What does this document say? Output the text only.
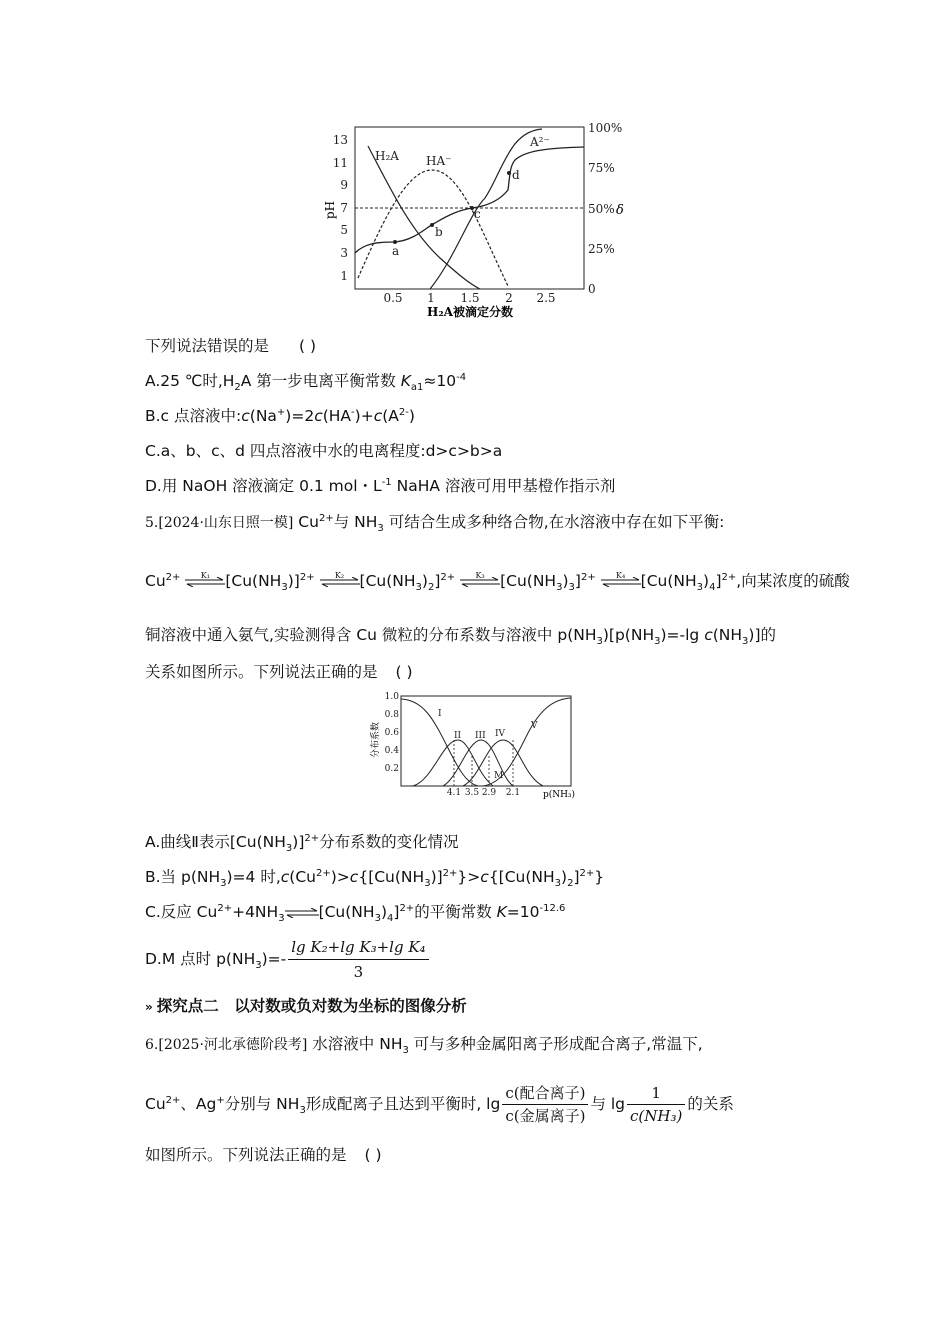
13
11
9
7
5
3
1
pH
100%
75%
50%
25%
0
δ
0.5 1 1.5 2 2.5
H₂A被滴定分数
a
b
c
d
H₂A HA⁻
A²⁻
下列说法错误的是 ( )
A.25 ℃时$,H_2A$ 第一步电离平衡常数 $K_{a1}\approx 10^{-4}$
B.c 点溶液中$:c(Na^+)=2c(HA^-)+c(A^{2-})$
C.a、b、c、d 四点溶液中水的电离程度:d>c>b>a
D.用 NaOH 溶液滴定 0.1 mol・$L^{-1}$ NaHA 溶液可用甲基橙作指示剂
5.[2024·山东日照一模] $Cu^{2+}$与 $NH_3$ 可结合生成多种络合物,在水溶液中存在如下平衡:
$Cu^{2+}$	K₁ $[Cu(NH_3)]^{2+}$	K₂ $[Cu(NH_3)_2]^{2+}$	K₃ $[Cu(NH_3)_3]^{2+}$	K₄ $[Cu(NH_3)_4]^{2+}$,向某浓度的硫酸
铜溶液中通入氨气,实验测得含 Cu 微粒的分布系数与溶液中 $p(NH_3)[p(NH_3)=-\lg$ $c(NH_3)$]的
关系如图所示。下列说法正确的是 ( )
1.0
0.8
0.6
0.4
0.2
分布系数
4.1 3.5 2.9 2.1	p(NH₃)
I
II III IV
V
M
A.曲线Ⅱ表示$[Cu(NH_3)]^{2+}$分布系数的变化情况
B.当 $p(NH_3)=4$ 时$,c(Cu^{2+})>c\{[Cu(NH_3)]^{2+}\}>c\{[Cu(NH_3)_2]^{2+}\}$
C.反应 $Cu^{2+}+4NH_3$ $[Cu(NH_3)_4]^{2+}$的平衡常数 $K=10^{-12.6}$
D.M 点时 $p(NH_3)=- \frac{\text{lg K₂+lg K₃+lg K₄}}{3}$
» 探究点二　以对数或负对数为坐标的图像分析
6.[2025·河北承德阶段考] 水溶液中 $NH_3$ 可与多种金属阳离子形成配合离子,常温下,
$Cu^{2+}$、Ag+分别与 $NH_3$形成配离子且达到平衡时, $\lg \frac{\text{c(配合离子)}}{\text{c(金属离子)}}$ 与 $\lg \frac{1}{\text{c(NH₃)}}$ 的关系
如图所示。下列说法正确的是 ( )
